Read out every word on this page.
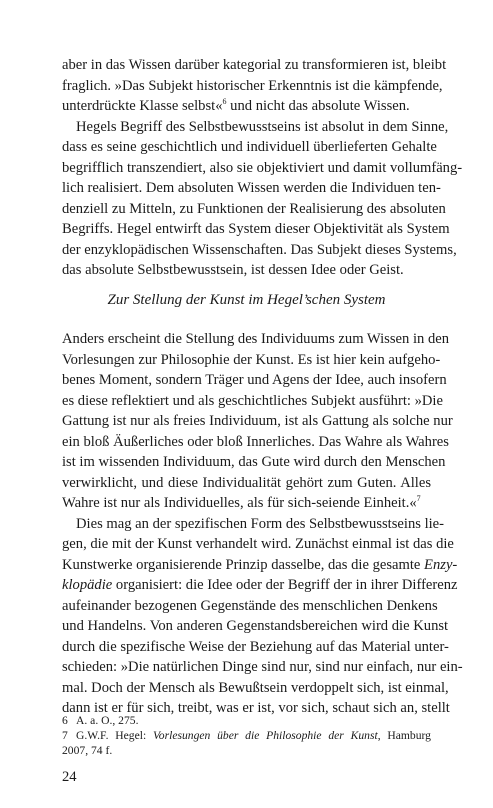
aber in das Wissen darüber kategorial zu transformieren ist, bleibt
fraglich. »Das Subjekt historischer Erkenntnis ist die kämpfende,
unterdrückte Klasse selbst«$^6$ und nicht das absolute Wissen.
Hegels Begriff des Selbstbewusstseins ist absolut in dem Sinne,
dass es seine geschichtlich und individuell überlieferten Gehalte
begrifflich transzendiert, also sie objektiviert und damit vollumfäng-
lich realisiert. Dem absoluten Wissen werden die Individuen ten-
denziell zu Mitteln, zu Funktionen der Realisierung des absoluten
Begriffs. Hegel entwirft das System dieser Objektivität als System
der enzyklopädischen Wissenschaften. Das Subjekt dieses Systems,
das absolute Selbstbewusstsein, ist dessen Idee oder Geist.
Zur Stellung der Kunst im Hegel’schen System
Anders erscheint die Stellung des Individuums zum Wissen in den
Vorlesungen zur Philosophie der Kunst. Es ist hier kein aufgeho-
benes Moment, sondern Träger und Agens der Idee, auch insofern
es diese reflektiert und als geschichtliches Subjekt ausführt: »Die
Gattung ist nur als freies Individuum, ist als Gattung als solche nur
ein bloß Äußerliches oder bloß Innerliches. Das Wahre als Wahres
ist im wissenden Individuum, das Gute wird durch den Menschen
verwirklicht, und diese Individualität gehört zum Guten. Alles
Wahre ist nur als Individuelles, als für sich-seiende Einheit.«$^7$
Dies mag an der spezifischen Form des Selbstbewusstseins lie-
gen, die mit der Kunst verhandelt wird. Zunächst einmal ist das die
Kunstwerke organisierende Prinzip dasselbe, das die gesamte Enzy-
klopädie organisiert: die Idee oder der Begriff der in ihrer Differenz
aufeinander bezogenen Gegenstände des menschlichen Denkens
und Handelns. Von anderen Gegenstandsbereichen wird die Kunst
durch die spezifische Weise der Beziehung auf das Material unter-
schieden: »Die natürlichen Dinge sind nur, sind nur einfach, nur ein-
mal. Doch der Mensch als Bewußtsein verdoppelt sich, ist einmal,
dann ist er für sich, treibt, was er ist, vor sich, schaut sich an, stellt
6 A. a. O., 275.
7 G.W.F. Hegel: Vorlesungen über die Philosophie der Kunst, Hamburg
2007, 74 f.
24
